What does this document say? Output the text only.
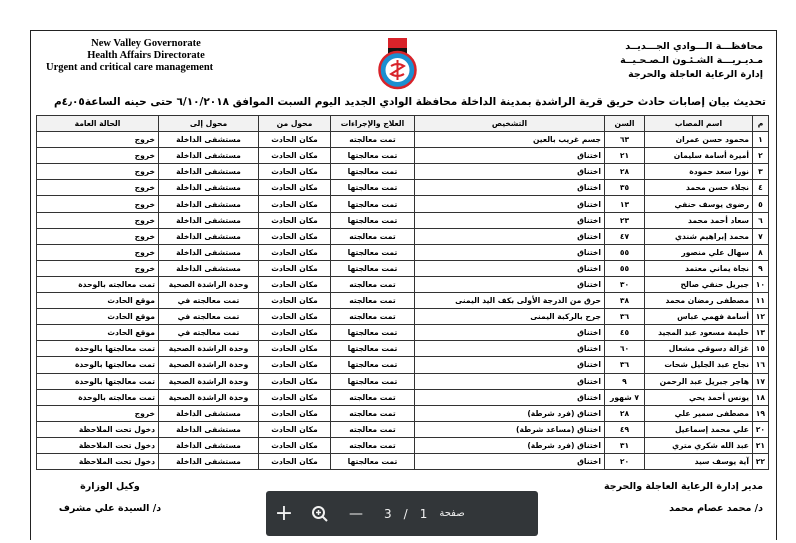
New Valley Governorate
Health Affairs Directorate
Urgent and critical care management
محافظـــة الـــوادي الجـــديــد
مـديـريـــة الشـئـون الـصـحـيــة
إدارة الرعاية العاجلة والحرجة
تحديث بيان إصابات حادث حريق قرية الراشدة بمدينة الداخلة محافظة الوادي الجديد اليوم السبت الموافق ٦/١٠/٢٠١٨ حتى حينه الساعة٤٫٠٥م
م	اسم المصاب	السن	التشخيص	العلاج والإجراءات	محول من	محول إلى	الحالة العامة
١	محمود حسن عمران	٦٣	جسم غريب بالعين	تمت معالجته	مكان الحادث	مستشفى الداخلة	خروج
٢	أميرة أسامة سليمان	٢١	اختناق	تمت معالجتها	مكان الحادث	مستشفى الداخلة	خروج
٣	نورا سعد حمودة	٢٨	اختناق	تمت معالجتها	مكان الحادث	مستشفى الداخلة	خروج
٤	نجلاء حسن محمد	٣٥	اختناق	تمت معالجتها	مكان الحادث	مستشفى الداخلة	خروج
٥	رضوى يوسف حنفي	١٣	اختناق	تمت معالجتها	مكان الحادث	مستشفى الداخلة	خروج
٦	سعاد أحمد محمد	٢٣	اختناق	تمت معالجتها	مكان الحادث	مستشفى الداخلة	خروج
٧	محمد إبراهيم شندي	٤٧	اختناق	تمت معالجته	مكان الحادث	مستشفى الداخلة	خروج
٨	سهال علي منصور	٥٥	اختناق	تمت معالجتها	مكان الحادث	مستشفى الداخلة	خروج
٩	نجاة يماني معتمد	٥٥	اختناق	تمت معالجتها	مكان الحادث	مستشفى الداخلة	خروج
١٠	جبريل حنفي صالح	٣٠	اختناق	تمت معالجته	مكان الحادث	وحدة الراشدة الصحية	تمت معالجته بالوحدة
١١	مصطفى رمضان محمد	٣٨	حرق من الدرجة الأولى بكف اليد اليمنى	تمت معالجته	مكان الحادث	تمت معالجته في	موقع الحادث
١٢	أسامة فهمي عباس	٣٦	جرح بالركبة اليمنى	تمت معالجته	مكان الحادث	تمت معالجته في	موقع الحادث
١٣	حليمة مسعود عبد المجيد	٤٥	اختناق	تمت معالجتها	مكان الحادث	تمت معالجته في	موقع الحادث
١٥	غزالة دسوقي مشعال	٦٠	اختناق	تمت معالجتها	مكان الحادث	وحدة الراشدة الصحية	تمت معالجتها بالوحدة
١٦	نجاح عبد الجليل شحات	٣٦	اختناق	تمت معالجتها	مكان الحادث	وحدة الراشدة الصحية	تمت معالجتها بالوحدة
١٧	هاجر جبريل عبد الرحمن	٩	اختناق	تمت معالجتها	مكان الحادث	وحدة الراشدة الصحية	تمت معالجتها بالوحدة
١٨	يونس أحمد يحي	٧ شهور	اختناق	تمت معالجته	مكان الحادث	وحدة الراشدة الصحية	تمت معالجته بالوحدة
١٩	مصطفى سمير علي	٢٨	اختناق (فرد شرطة)	تمت معالجته	مكان الحادث	مستشفى الداخلة	خروج
٢٠	علي محمد إسماعيل	٤٩	اختناق (مساعد شرطة)	تمت معالجته	مكان الحادث	مستشفى الداخلة	دخول تحت الملاحظة
٢١	عبد الله شكري متري	٣١	اختناق (فرد شرطة)	تمت معالجته	مكان الحادث	مستشفى الداخلة	دخول تحت الملاحظة
٢٢	آية يوسف سيد	٢٠	اختناق	تمت معالجتها	مكان الحادث	مستشفى الداخلة	دخول تحت الملاحظة
مدير إدارة الرعاية العاجلة والحرجة
د/ محمد عصام محمد
وكيل الوزارة
د/ السيدة علي مشرف	+	— 3 / 1 صفحة
